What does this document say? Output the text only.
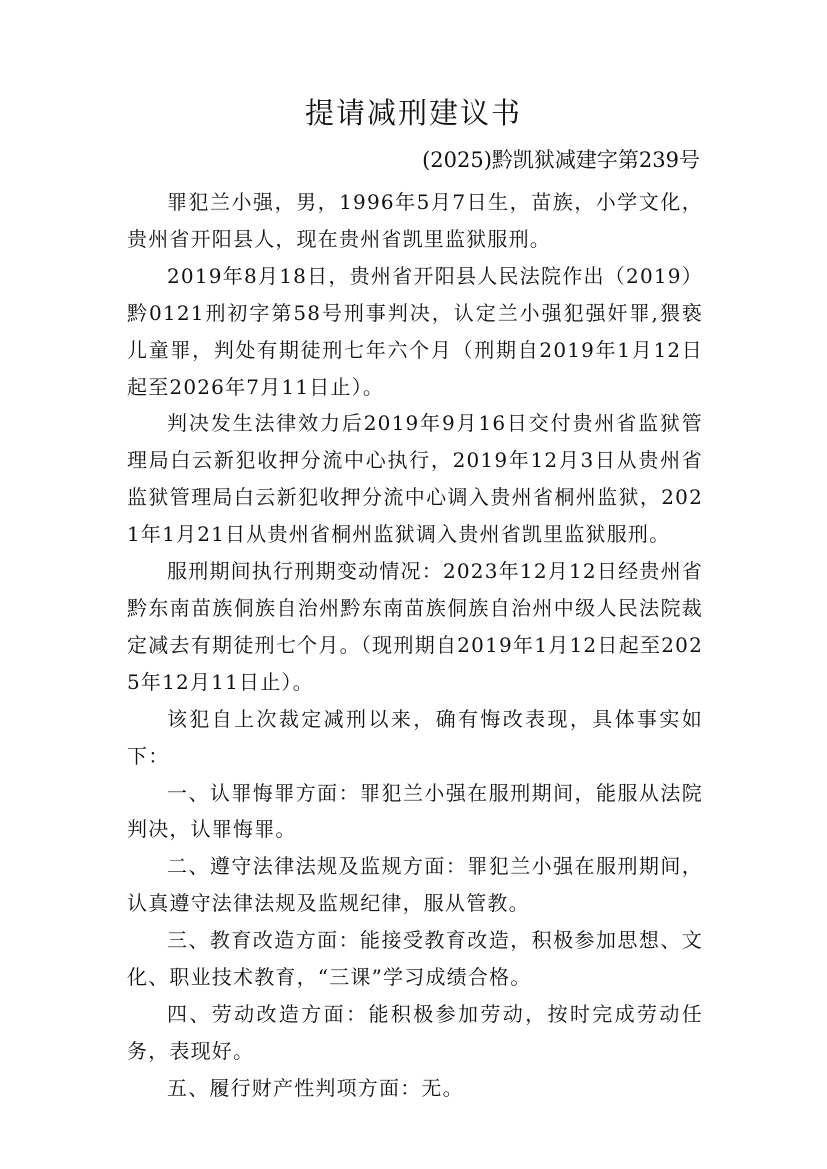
提请减刑建议书
(2025)黔凯狱减建字第239号

罪犯兰小强，男，1996年5月7日生，苗族，小学文化，贵州省开阳县人，现在贵州省凯里监狱服刑。

2019年8月18日，贵州省开阳县人民法院作出（2019）黔0121刑初字第58号刑事判决，认定兰小强犯强奸罪,猥亵儿童罪，判处有期徒刑七年六个月（刑期自2019年1月12日起至2026年7月11日止）。

判决发生法律效力后2019年9月16日交付贵州省监狱管理局白云新犯收押分流中心执行，2019年12月3日从贵州省监狱管理局白云新犯收押分流中心调入贵州省桐州监狱，2021年1月21日从贵州省桐州监狱调入贵州省凯里监狱服刑。

服刑期间执行刑期变动情况：2023年12月12日经贵州省黔东南苗族侗族自治州黔东南苗族侗族自治州中级人民法院裁定减去有期徒刑七个月。（现刑期自2019年1月12日起至2025年12月11日止）。

该犯自上次裁定减刑以来，确有悔改表现，具体事实如下：

一、认罪悔罪方面：罪犯兰小强在服刑期间，能服从法院判决，认罪悔罪。

二、遵守法律法规及监规方面：罪犯兰小强在服刑期间，认真遵守法律法规及监规纪律，服从管教。

三、教育改造方面：能接受教育改造，积极参加思想、文化、职业技术教育，“三课”学习成绩合格。

四、劳动改造方面：能积极参加劳动，按时完成劳动任务，表现好。

五、履行财产性判项方面：无。
